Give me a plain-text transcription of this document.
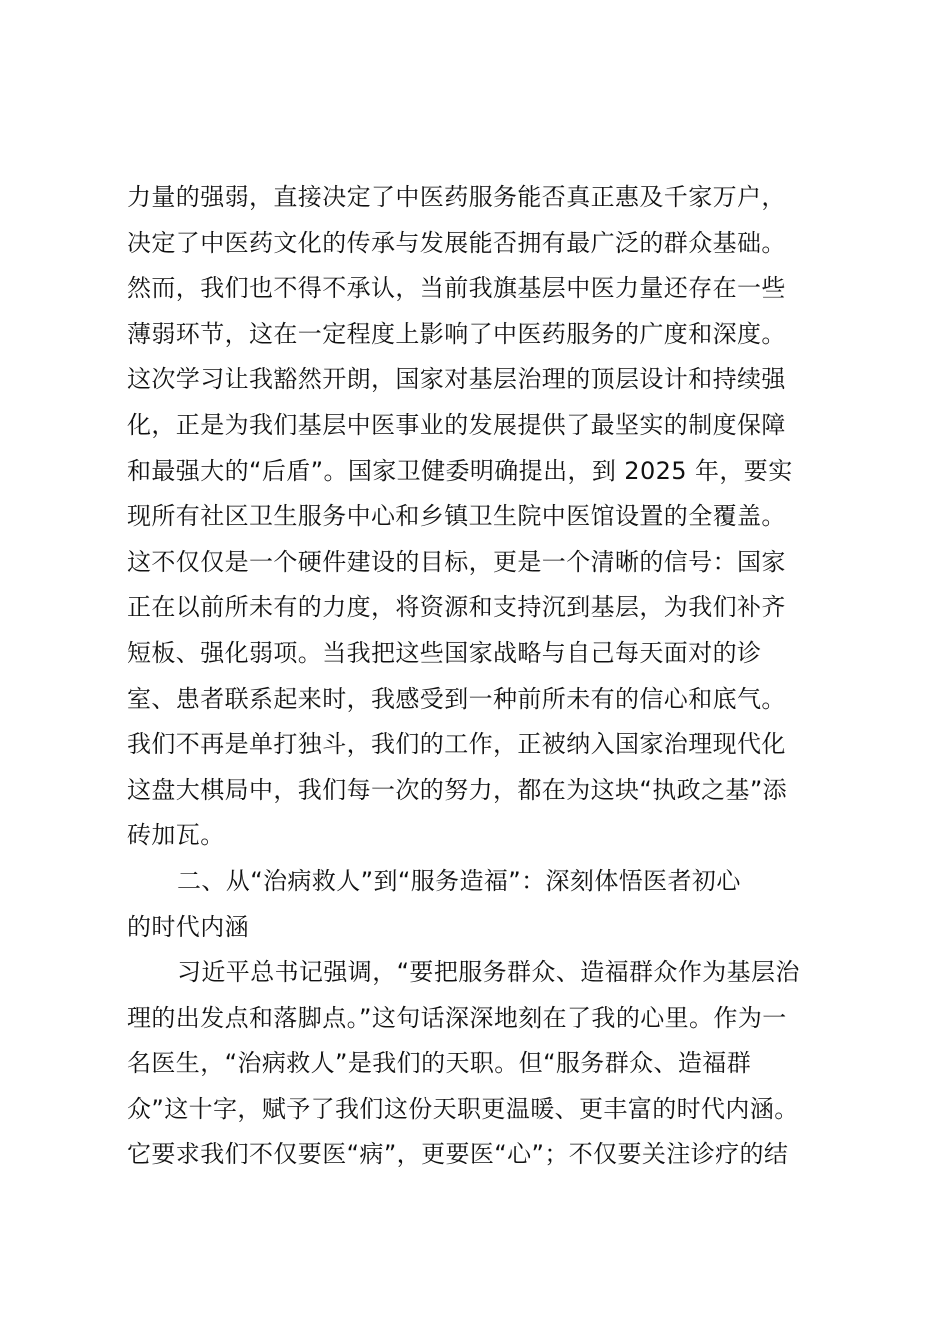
力量的强弱，直接决定了中医药服务能否真正惠及千家万户，
决定了中医药文化的传承与发展能否拥有最广泛的群众基础。
然而，我们也不得不承认，当前我旗基层中医力量还存在一些
薄弱环节，这在一定程度上影响了中医药服务的广度和深度。
这次学习让我豁然开朗，国家对基层治理的顶层设计和持续强
化，正是为我们基层中医事业的发展提供了最坚实的制度保障
和最强大的“后盾”。国家卫健委明确提出，到 2025 年，要实
现所有社区卫生服务中心和乡镇卫生院中医馆设置的全覆盖。
这不仅仅是一个硬件建设的目标，更是一个清晰的信号：国家
正在以前所未有的力度，将资源和支持沉到基层，为我们补齐
短板、强化弱项。当我把这些国家战略与自己每天面对的诊
室、患者联系起来时，我感受到一种前所未有的信心和底气。
我们不再是单打独斗，我们的工作，正被纳入国家治理现代化
这盘大棋局中，我们每一次的努力，都在为这块“执政之基”添
砖加瓦。
二、从“治病救人”到“服务造福”：深刻体悟医者初心
的时代内涵
习近平总书记强调，“要把服务群众、造福群众作为基层治
理的出发点和落脚点。”这句话深深地刻在了我的心里。作为一
名医生，“治病救人”是我们的天职。但“服务群众、造福群
众”这十字，赋予了我们这份天职更温暖、更丰富的时代内涵。
它要求我们不仅要医“病”，更要医“心”；不仅要关注诊疗的结
